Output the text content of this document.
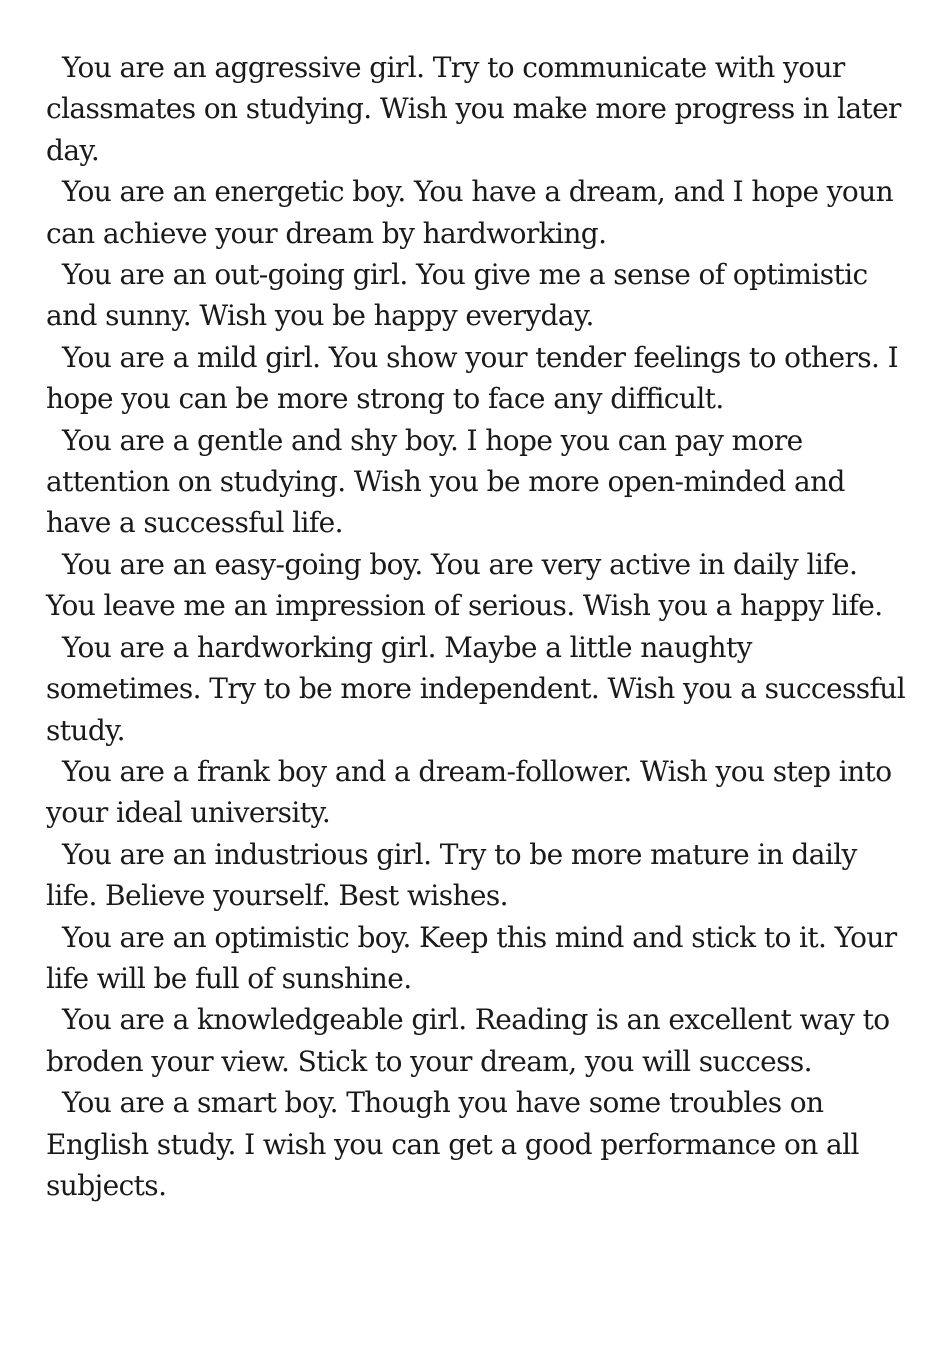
You are an aggressive girl. Try to communicate with your classmates on studying. Wish you make more progress in later day.

You are an energetic boy. You have a dream, and I hope youn can achieve your dream by hardworking.

You are an out-going girl. You give me a sense of optimistic and sunny. Wish you be happy everyday.

You are a mild girl. You show your tender feelings to others. I hope you can be more strong to face any difficult.

You are a gentle and shy boy. I hope you can pay more attention on studying. Wish you be more open-minded and have a successful life.

You are an easy-going boy. You are very active in daily life. You leave me an impression of serious. Wish you a happy life.

You are a hardworking girl. Maybe a little naughty sometimes. Try to be more independent. Wish you a successful study.

You are a frank boy and a dream-follower. Wish you step into your ideal university.

You are an industrious girl. Try to be more mature in daily life. Believe yourself. Best wishes.

You are an optimistic boy. Keep this mind and stick to it. Your life will be full of sunshine.

You are a knowledgeable girl. Reading is an excellent way to broden your view. Stick to your dream, you will success.

You are a smart boy. Though you have some troubles on English study. I wish you can get a good performance on all subjects.
